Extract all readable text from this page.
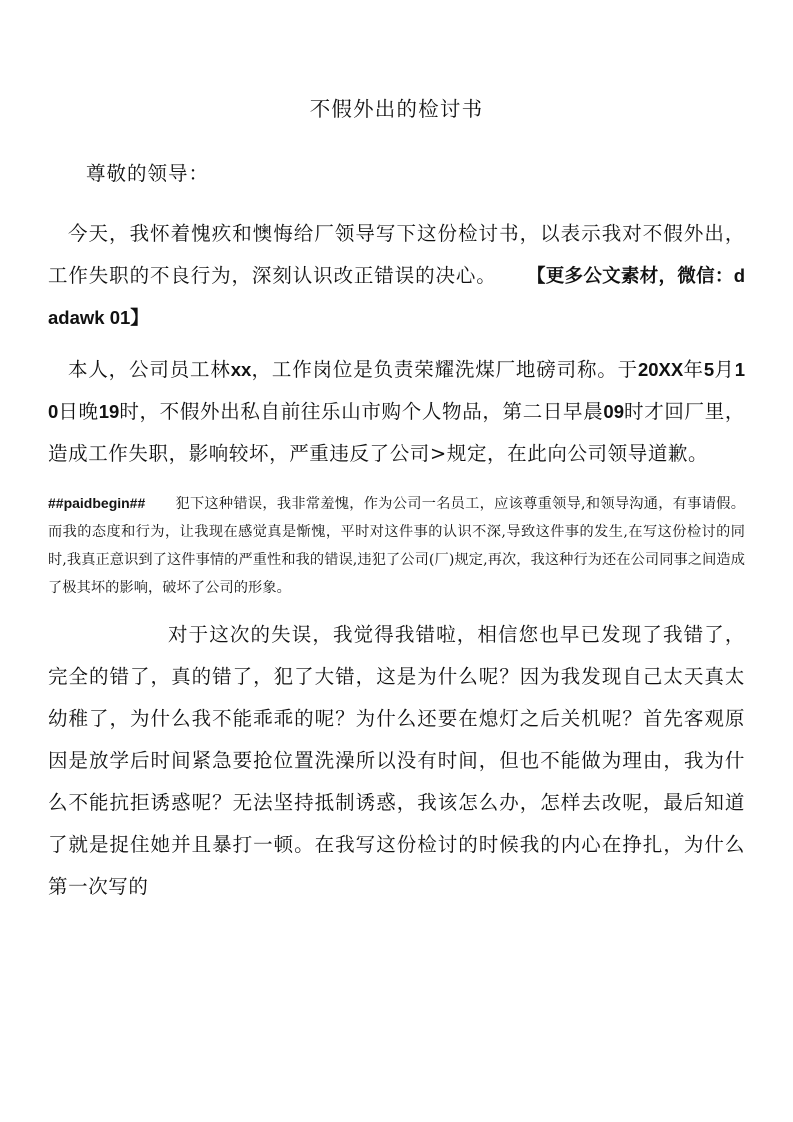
不假外出的检讨书

尊敬的领导：

今天，我怀着愧疚和懊悔给厂领导写下这份检讨书，以表示我对不假外出，工作失职的不良行为，深刻认识改正错误的决心。 【更多公文素材，微信：dadawk 01】

本人，公司员工林xx，工作岗位是负责荣耀洗煤厂地磅司称。于20XX年5月10日晚19时，不假外出私自前往乐山市购个人物品，第二日早晨09时才回厂里，造成工作失职，影响较坏，严重违反了公司>规定，在此向公司领导道歉。

##paidbegin## 犯下这种错误，我非常羞愧，作为公司一名员工，应该尊重领导,和领导沟通，有事请假。而我的态度和行为，让我现在感觉真是惭愧，平时对这件事的认识不深,导致这件事的发生,在写这份检讨的同时,我真正意识到了这件事情的严重性和我的错误,违犯了公司(厂)规定,再次，我这种行为还在公司同事之间造成了极其坏的影响，破坏了公司的形象。

对于这次的失误，我觉得我错啦，相信您也早已发现了我错了，完全的错了，真的错了，犯了大错，这是为什么呢？因为我发现自己太天真太幼稚了，为什么我不能乖乖的呢？为什么还要在熄灯之后关机呢？首先客观原因是放学后时间紧急要抢位置洗澡所以没有时间，但也不能做为理由，我为什么不能抗拒诱惑呢？无法坚持抵制诱惑，我该怎么办，怎样去改呢，最后知道了就是捉住她并且暴打一顿。在我写这份检讨的时候我的内心在挣扎，为什么第一次写的
